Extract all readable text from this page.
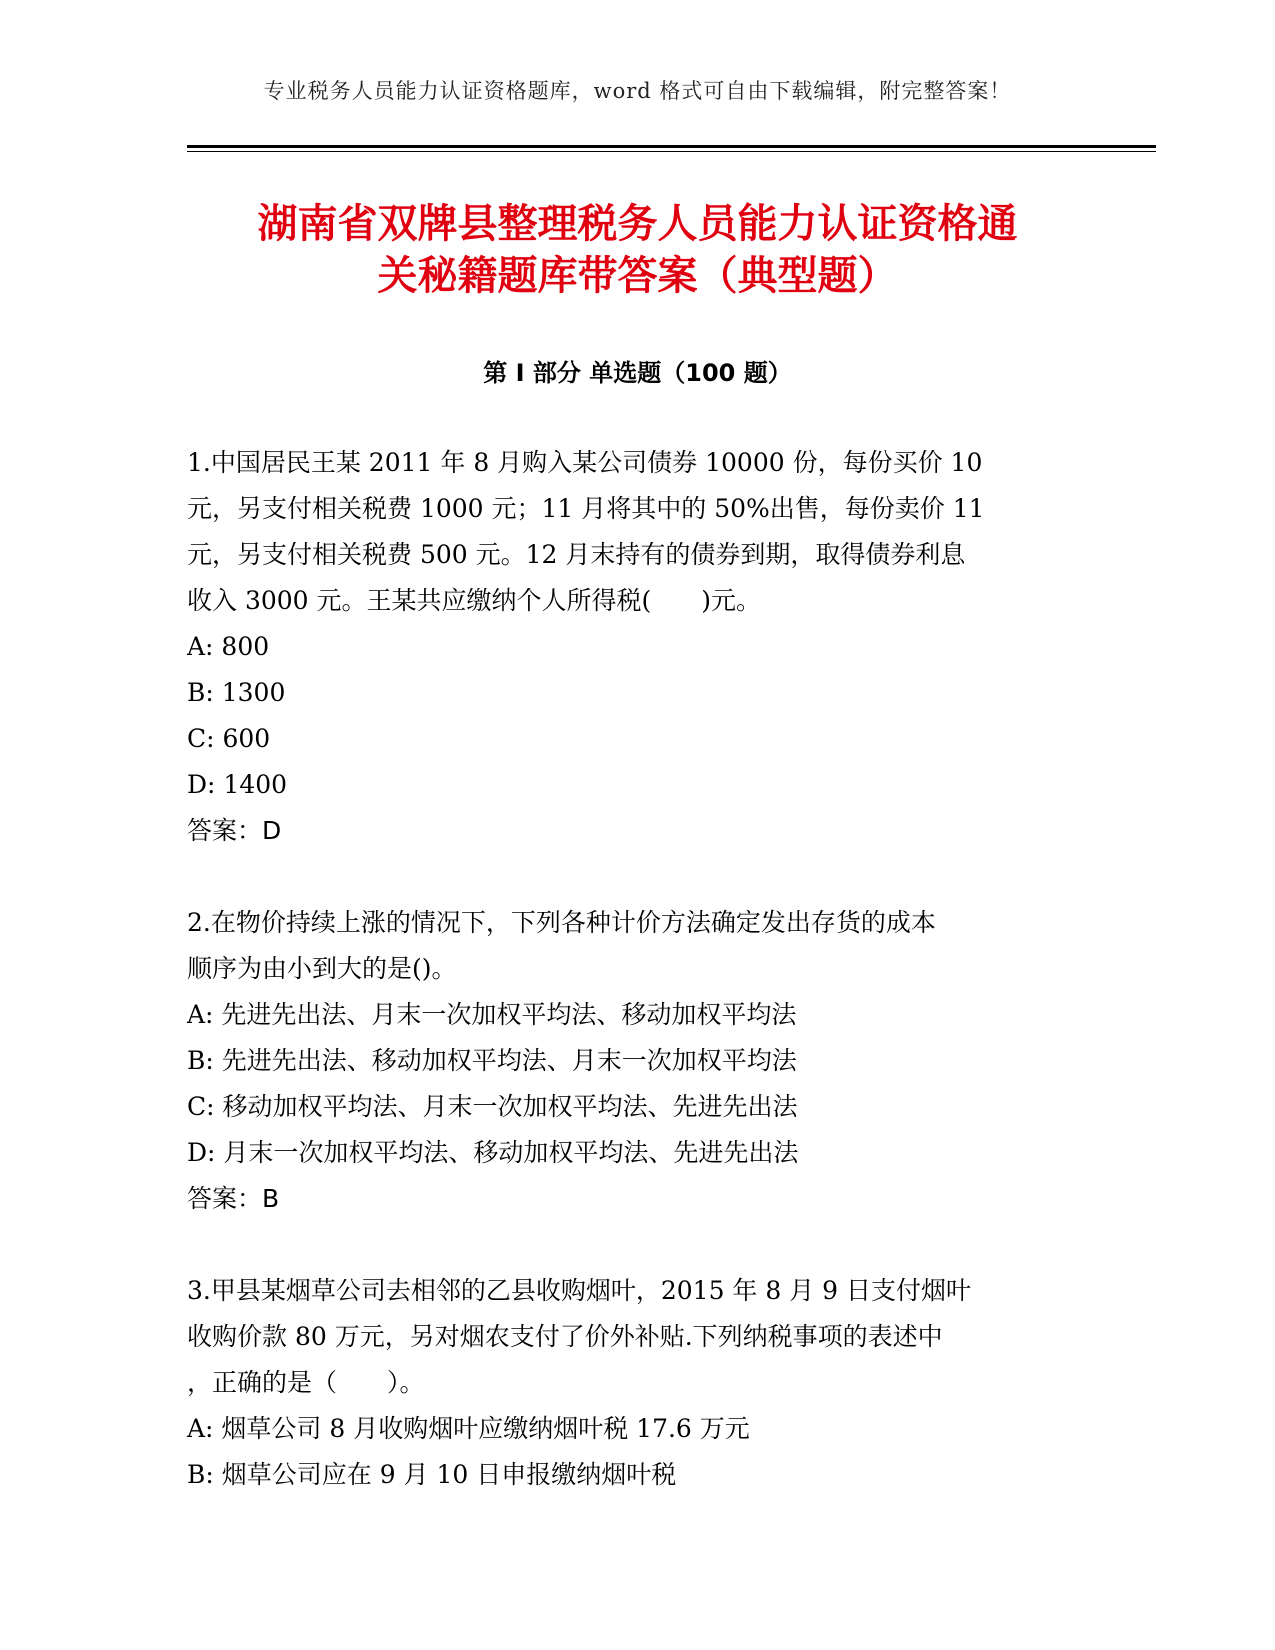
专业税务人员能力认证资格题库，word 格式可自由下载编辑，附完整答案！
湖南省双牌县整理税务人员能力认证资格通
关秘籍题库带答案（典型题）
第 I 部分 单选题（100 题）

1.中国居民王某 2011 年 8 月购入某公司债券 10000 份，每份买价 10

元，另支付相关税费 1000 元；11 月将其中的 50%出售，每份卖价 11

元，另支付相关税费 500 元。12 月末持有的债券到期，取得债券利息

收入 3000 元。王某共应缴纳个人所得税(　　)元。

A: 800

B: 1300

C: 600

D: 1400

答案：D

2.在物价持续上涨的情况下，下列各种计价方法确定发出存货的成本

顺序为由小到大的是()。

A: 先进先出法、月末一次加权平均法、移动加权平均法

B: 先进先出法、移动加权平均法、月末一次加权平均法

C: 移动加权平均法、月末一次加权平均法、先进先出法

D: 月末一次加权平均法、移动加权平均法、先进先出法

答案：B

3.甲县某烟草公司去相邻的乙县收购烟叶，2015 年 8 月 9 日支付烟叶

收购价款 80 万元，另对烟农支付了价外补贴.下列纳税事项的表述中

，正确的是（　　）。

A: 烟草公司 8 月收购烟叶应缴纳烟叶税 17.6 万元

B: 烟草公司应在 9 月 10 日申报缴纳烟叶税
